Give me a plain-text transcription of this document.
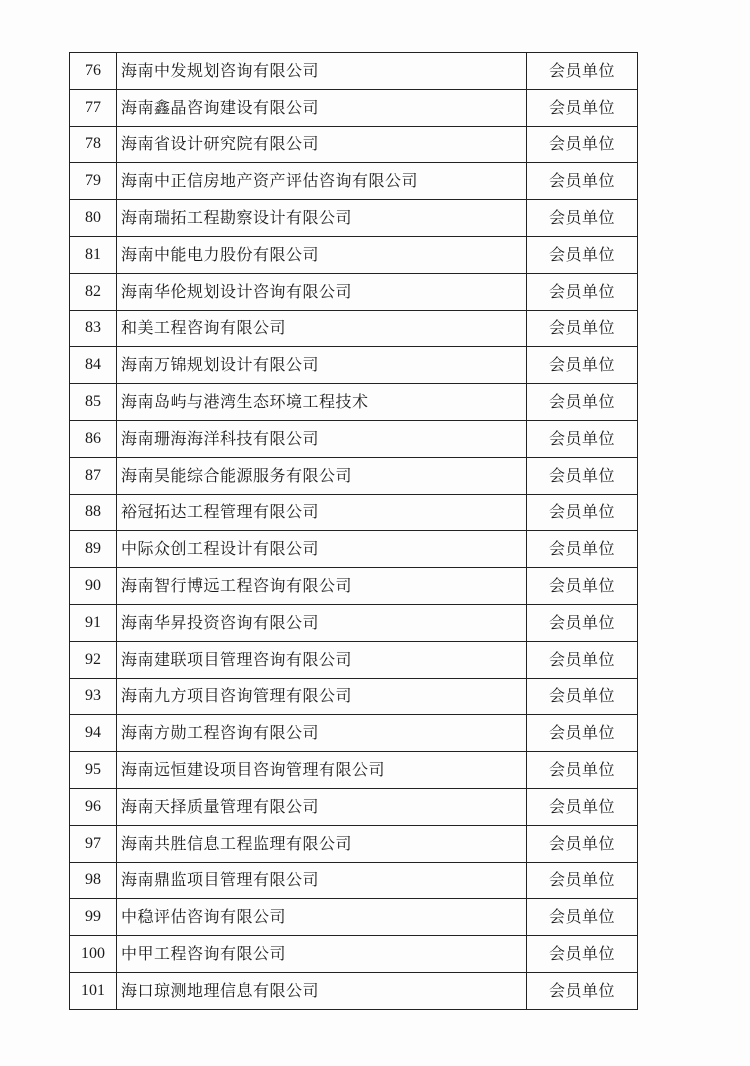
76	海南中发规划咨询有限公司	会员单位
77	海南鑫晶咨询建设有限公司	会员单位
78	海南省设计研究院有限公司	会员单位
79	海南中正信房地产资产评估咨询有限公司	会员单位
80	海南瑞拓工程勘察设计有限公司	会员单位
81	海南中能电力股份有限公司	会员单位
82	海南华伦规划设计咨询有限公司	会员单位
83	和美工程咨询有限公司	会员单位
84	海南万锦规划设计有限公司	会员单位
85	海南岛屿与港湾生态环境工程技术	会员单位
86	海南珊海海洋科技有限公司	会员单位
87	海南昊能综合能源服务有限公司	会员单位
88	裕冠拓达工程管理有限公司	会员单位
89	中际众创工程设计有限公司	会员单位
90	海南智行博远工程咨询有限公司	会员单位
91	海南华昇投资咨询有限公司	会员单位
92	海南建联项目管理咨询有限公司	会员单位
93	海南九方项目咨询管理有限公司	会员单位
94	海南方勋工程咨询有限公司	会员单位
95	海南远恒建设项目咨询管理有限公司	会员单位
96	海南天择质量管理有限公司	会员单位
97	海南共胜信息工程监理有限公司	会员单位
98	海南鼎监项目管理有限公司	会员单位
99	中稳评估咨询有限公司	会员单位
100	中甲工程咨询有限公司	会员单位
101	海口琼测地理信息有限公司	会员单位
